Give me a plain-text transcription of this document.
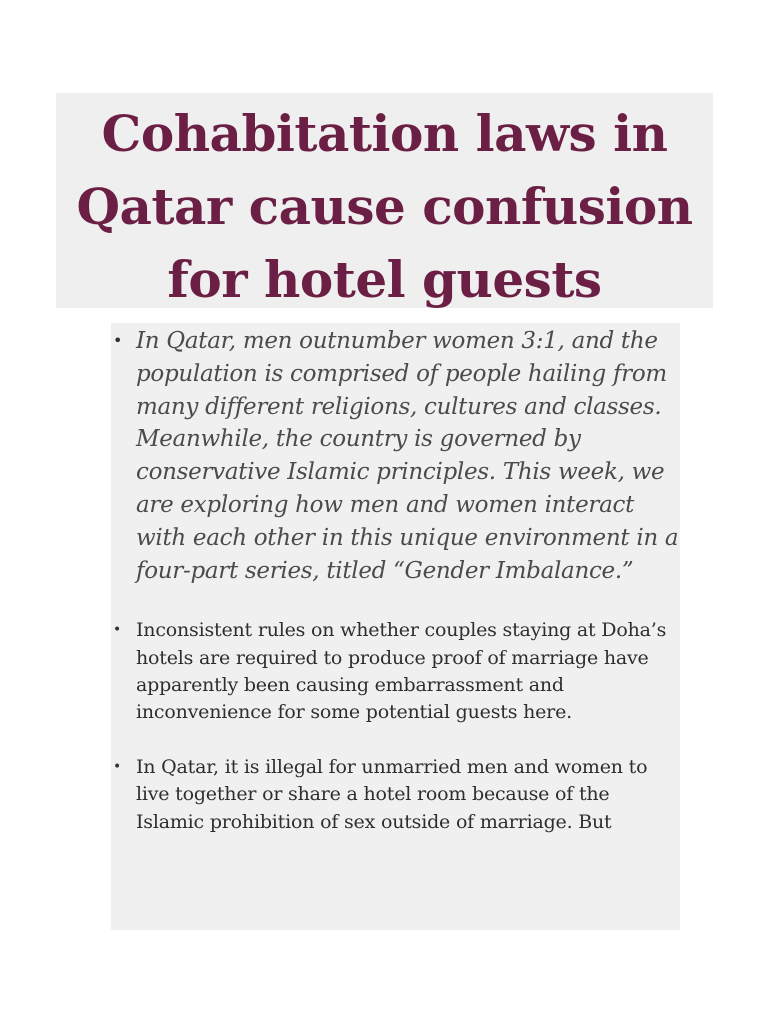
Cohabitation laws in Qatar cause confusion for hotel guests
• In Qatar, men outnumber women 3:1, and the population is comprised of people hailing from many different religions, cultures and classes. Meanwhile, the country is governed by conservative Islamic principles. This week, we are exploring how men and women interact with each other in this unique environment in a four-part series, titled “Gender Imbalance.”
• Inconsistent rules on whether couples staying at Doha’s hotels are required to produce proof of marriage have apparently been causing embarrassment and inconvenience for some potential guests here.
• In Qatar, it is illegal for unmarried men and women to live together or share a hotel room because of the Islamic prohibition of sex outside of marriage. But
